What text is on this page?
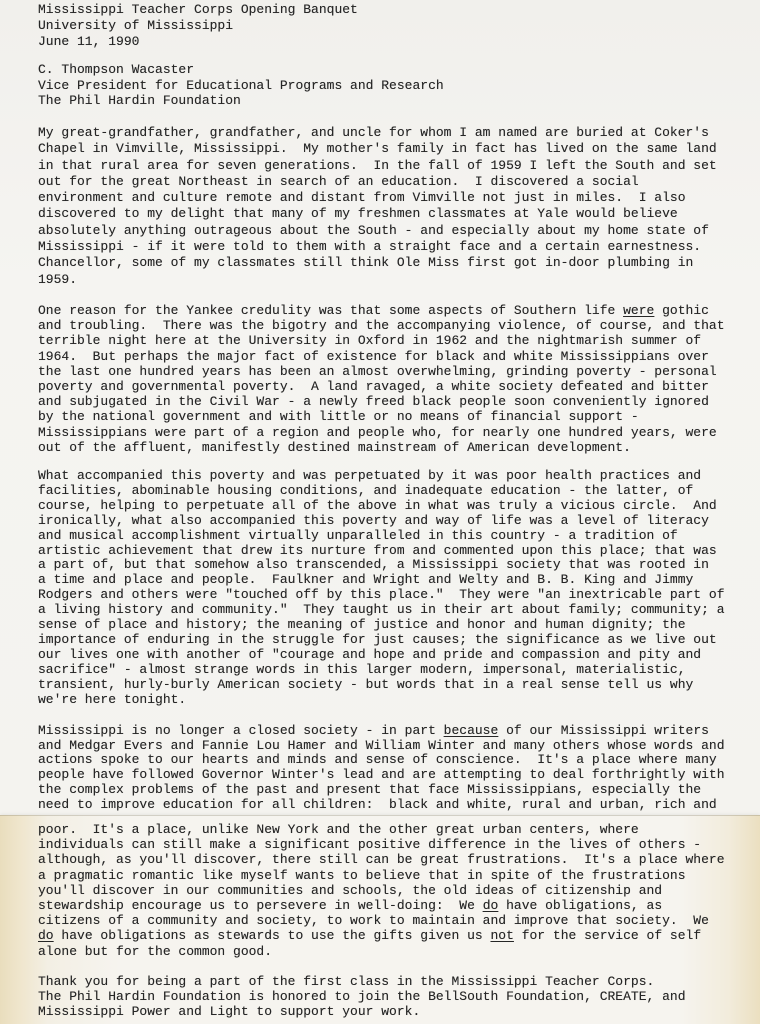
Mississippi Teacher Corps Opening Banquet
University of Mississippi
June 11, 1990
C. Thompson Wacaster
Vice President for Educational Programs and Research
The Phil Hardin Foundation
My great-grandfather, grandfather, and uncle for whom I am named are buried at Coker's
Chapel in Vimville, Mississippi.  My mother's family in fact has lived on the same land
in that rural area for seven generations.  In the fall of 1959 I left the South and set
out for the great Northeast in search of an education.  I discovered a social
environment and culture remote and distant from Vimville not just in miles.  I also
discovered to my delight that many of my freshmen classmates at Yale would believe
absolutely anything outrageous about the South - and especially about my home state of
Mississippi - if it were told to them with a straight face and a certain earnestness.
Chancellor, some of my classmates still think Ole Miss first got in-door plumbing in
1959.
One reason for the Yankee credulity was that some aspects of Southern life were gothic
and troubling.  There was the bigotry and the accompanying violence, of course, and that
terrible night here at the University in Oxford in 1962 and the nightmarish summer of
1964.  But perhaps the major fact of existence for black and white Mississippians over
the last one hundred years has been an almost overwhelming, grinding poverty - personal
poverty and governmental poverty.  A land ravaged, a white society defeated and bitter
and subjugated in the Civil War - a newly freed black people soon conveniently ignored
by the national government and with little or no means of financial support -
Mississippians were part of a region and people who, for nearly one hundred years, were
out of the affluent, manifestly destined mainstream of American development.
What accompanied this poverty and was perpetuated by it was poor health practices and
facilities, abominable housing conditions, and inadequate education - the latter, of
course, helping to perpetuate all of the above in what was truly a vicious circle.  And
ironically, what also accompanied this poverty and way of life was a level of literacy
and musical accomplishment virtually unparalleled in this country - a tradition of
artistic achievement that drew its nurture from and commented upon this place; that was
a part of, but that somehow also transcended, a Mississippi society that was rooted in
a time and place and people.  Faulkner and Wright and Welty and B. B. King and Jimmy
Rodgers and others were "touched off by this place."  They were "an inextricable part of
a living history and community."  They taught us in their art about family; community; a
sense of place and history; the meaning of justice and honor and human dignity; the
importance of enduring in the struggle for just causes; the significance as we live out
our lives one with another of "courage and hope and pride and compassion and pity and
sacrifice" - almost strange words in this larger modern, impersonal, materialistic,
transient, hurly-burly American society - but words that in a real sense tell us why
we're here tonight.
Mississippi is no longer a closed society - in part because of our Mississippi writers
and Medgar Evers and Fannie Lou Hamer and William Winter and many others whose words and
actions spoke to our hearts and minds and sense of conscience.  It's a place where many
people have followed Governor Winter's lead and are attempting to deal forthrightly with
the complex problems of the past and present that face Mississippians, especially the
need to improve education for all children:  black and white, rural and urban, rich and
poor.  It's a place, unlike New York and the other great urban centers, where
individuals can still make a significant positive difference in the lives of others -
although, as you'll discover, there still can be great frustrations.  It's a place where
a pragmatic romantic like myself wants to believe that in spite of the frustrations
you'll discover in our communities and schools, the old ideas of citizenship and
stewardship encourage us to persevere in well-doing:  We do have obligations, as
citizens of a community and society, to work to maintain and improve that society.  We
do have obligations as stewards to use the gifts given us not for the service of self
alone but for the common good.
Thank you for being a part of the first class in the Mississippi Teacher Corps.
The Phil Hardin Foundation is honored to join the BellSouth Foundation, CREATE, and
Mississippi Power and Light to support your work.
